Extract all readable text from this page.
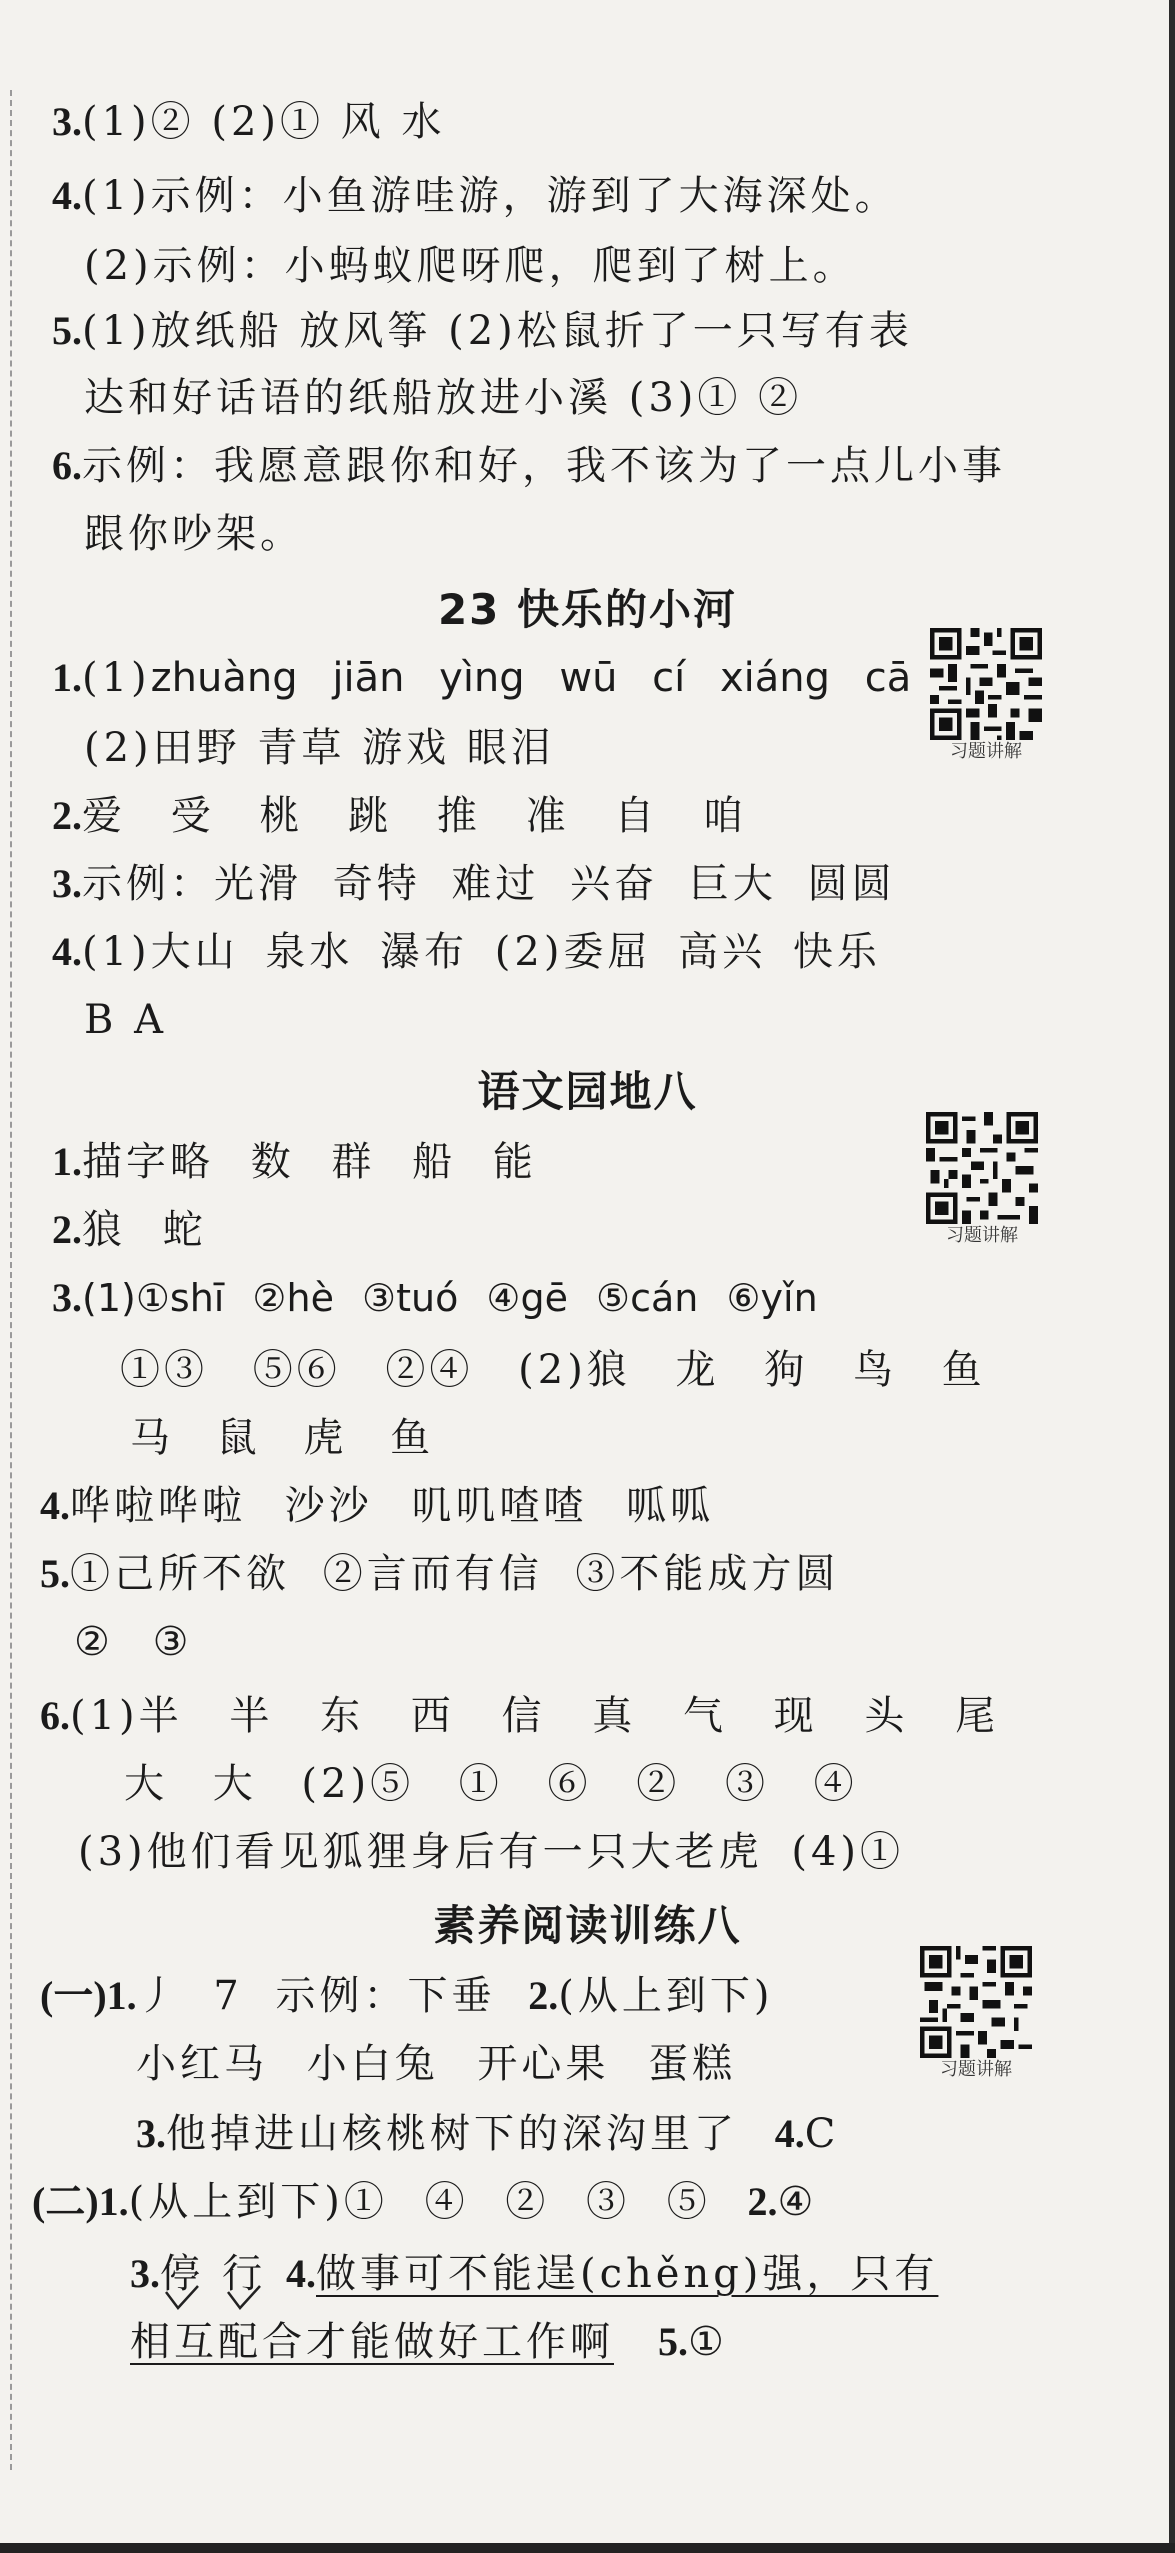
3.(1)② (2)① 风 水
4.(1)示例：小鱼游哇游，游到了大海深处。
(2)示例：小蚂蚁爬呀爬，爬到了树上。
5.(1)放纸船 放风筝 (2)松鼠折了一只写有表
达和好话语的纸船放进小溪 (3)① ②
6.示例：我愿意跟你和好，我不该为了一点儿小事
跟你吵架。
23 快乐的小河
习题讲解
1.(1)zhuàng jiān yìng wū cí xiáng cā
(2)田野 青草 游戏 眼泪
2.爱 受 桃 跳 推 准 自 咱
3.示例：光滑 奇特 难过 兴奋 巨大 圆圆
4.(1)大山 泉水 瀑布 (2)委屈 高兴 快乐
B A
语文园地八
习题讲解
1.描字略 数 群 船 能
2.狼 蛇
3.(1)①shī ②hè ③tuó ④gē ⑤cán ⑥yǐn
①③ ⑤⑥ ②④ (2)狼 龙 狗 鸟 鱼
马 鼠 虎 鱼
4.哗啦哗啦 沙沙 叽叽喳喳 呱呱
5.①己所不欲 ②言而有信 ③不能成方圆
② ③
6.(1)半 半 东 西 信 真 气 现 头 尾
大 大 (2)⑤ ① ⑥ ② ③ ④
(3)他们看见狐狸身后有一只大老虎 (4)①
素养阅读训练八
习题讲解
(一)1.丿 7 示例：下垂 2.(从上到下)
小红马 小白兔 开心果 蛋糕
3.他掉进山核桃树下的深沟里了 4.C
(二)1.(从上到下)① ④ ② ③ ⑤ 2.④
3.停 行 4.做事可不能逞(chěng)强，只有
相互配合才能做好工作啊 5.①
